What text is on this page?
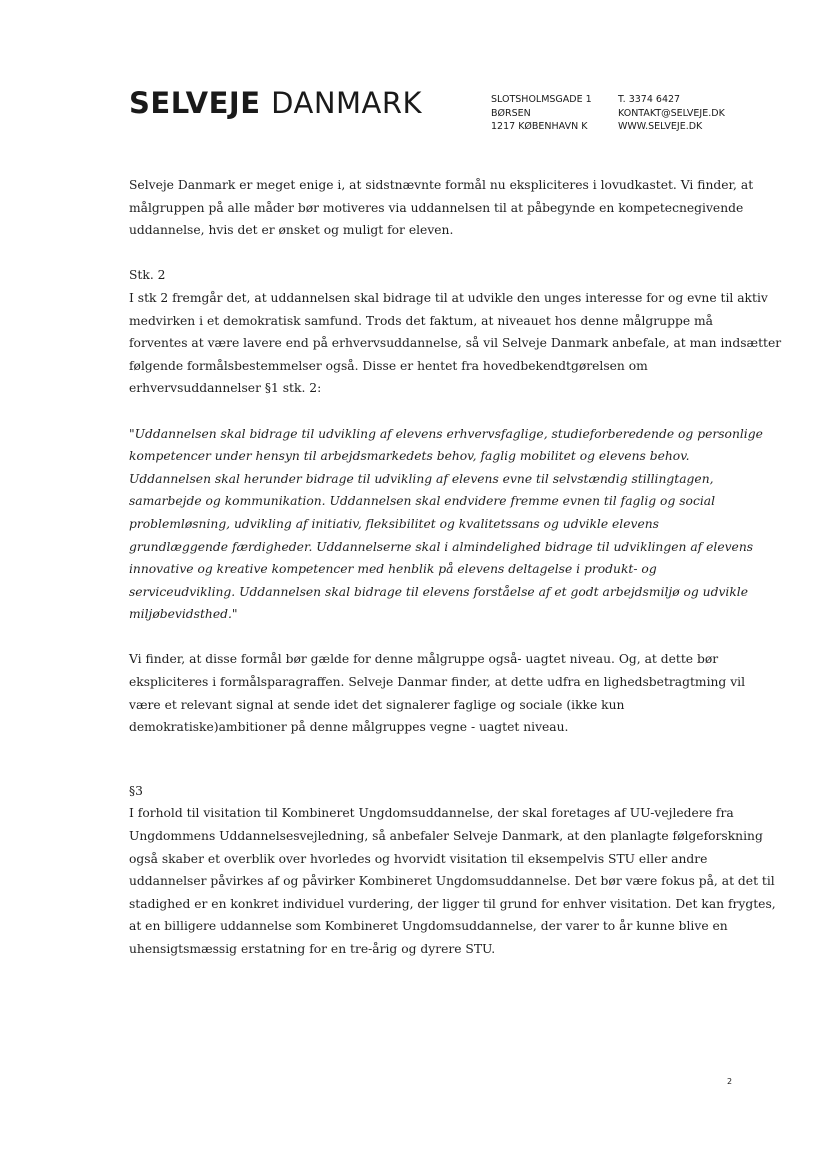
SELVEJE DANMARK	SLOTSHOLMSGADE 1
BØRSEN
1217 KØBENHAVN K
T. 3374 6427
KONTAKT@SELVEJE.DK
WWW.SELVEJE.DK

Selveje Danmark er meget enige i, at sidstnævnte formål nu ekspliciteres i lovudkastet. Vi finder, at
målgruppen på alle måder bør motiveres via uddannelsen til at påbegynde en kompetecnegivende
uddannelse, hvis det er ønsket og muligt for eleven.

Stk. 2

I stk 2 fremgår det, at uddannelsen skal bidrage til at udvikle den unges interesse for og evne til aktiv
medvirken i et demokratisk samfund. Trods det faktum, at niveauet hos denne målgruppe må
forventes at være lavere end på erhvervsuddannelse, så vil Selveje Danmark anbefale, at man indsætter
følgende formålsbestemmelser også. Disse er hentet fra hovedbekendtgørelsen om
erhvervsuddannelser §1 stk. 2:

"Uddannelsen skal bidrage til udvikling af elevens erhvervsfaglige, studieforberedende og personlige
kompetencer under hensyn til arbejdsmarkedets behov, faglig mobilitet og elevens behov.
Uddannelsen skal herunder bidrage til udvikling af elevens evne til selvstændig stillingtagen,
samarbejde og kommunikation. Uddannelsen skal endvidere fremme evnen til faglig og social
problemløsning, udvikling af initiativ, fleksibilitet og kvalitetssans og udvikle elevens
grundlæggende færdigheder. Uddannelserne skal i almindelighed bidrage til udviklingen af elevens
innovative og kreative kompetencer med henblik på elevens deltagelse i produkt- og
serviceudvikling. Uddannelsen skal bidrage til elevens forståelse af et godt arbejdsmiljø og udvikle
miljøbevidsthed."

Vi finder, at disse formål bør gælde for denne målgruppe også- uagtet niveau. Og, at dette bør
ekspliciteres i formålsparagraffen. Selveje Danmar finder, at dette udfra en lighedsbetragtming vil
være et relevant signal at sende idet det signalerer faglige og sociale (ikke kun
demokratiske)ambitioner på denne målgruppes vegne - uagtet niveau.

§3

I forhold til visitation til Kombineret Ungdomsuddannelse, der skal foretages af UU-vejledere fra
Ungdommens Uddannelsesvejledning, så anbefaler Selveje Danmark, at den planlagte følgeforskning
også skaber et overblik over hvorledes og hvorvidt visitation til eksempelvis STU eller andre
uddannelser påvirkes af og påvirker Kombineret Ungdomsuddannelse. Det bør være fokus på, at det til
stadighed er en konkret individuel vurdering, der ligger til grund for enhver visitation. Det kan frygtes,
at en billigere uddannelse som Kombineret Ungdomsuddannelse, der varer to år kunne blive en
uhensigtsmæssig erstatning for en tre-årig og dyrere STU.

2
